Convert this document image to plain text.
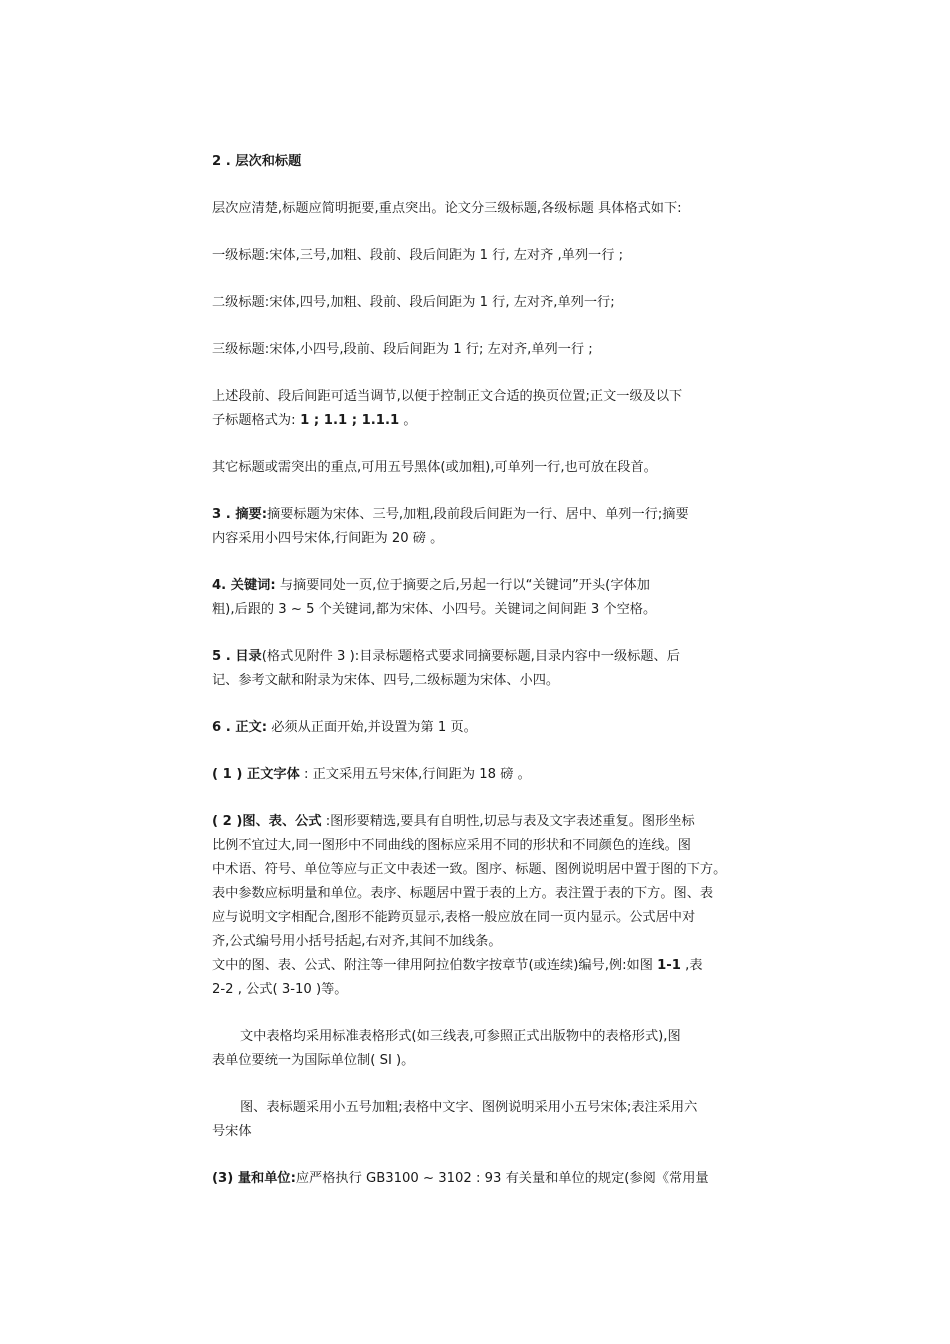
2 . 层次和标题

层次应清楚,标题应简明扼要,重点突出。论文分三级标题,各级标题 具体格式如下:

一级标题:宋体,三号,加粗、段前、段后间距为 1 行, 左对齐 ,单列一行 ;

二级标题:宋体,四号,加粗、段前、段后间距为 1 行, 左对齐,单列一行;

三级标题:宋体,小四号,段前、段后间距为 1 行; 左对齐,单列一行 ;

上述段前、段后间距可适当调节,以便于控制正文合适的换页位置;正文一级及以下

子标题格式为: 1 ; 1.1 ; 1.1.1 。

其它标题或需突出的重点,可用五号黑体(或加粗),可单列一行,也可放在段首。

3 . 摘要:摘要标题为宋体、三号,加粗,段前段后间距为一行、居中、单列一行;摘要

内容采用小四号宋体,行间距为 20 磅 。

4. 关键词: 与摘要同处一页,位于摘要之后,另起一行以“关键词”开头(字体加

粗),后跟的 3 ~ 5 个关键词,都为宋体、小四号。关键词之间间距 3 个空格。

5 . 目录(格式见附件 3 ):目录标题格式要求同摘要标题,目录内容中一级标题、后

记、参考文献和附录为宋体、四号,二级标题为宋体、小四。

6 . 正文: 必须从正面开始,并设置为第 1 页。

( 1 ) 正文字体 : 正文采用五号宋体,行间距为 18 磅 。

( 2 )图、表、公式 :图形要精选,要具有自明性,切忌与表及文字表述重复。图形坐标

比例不宜过大,同一图形中不同曲线的图标应采用不同的形状和不同颜色的连线。图

中术语、符号、单位等应与正文中表述一致。图序、标题、图例说明居中置于图的下方。

表中参数应标明量和单位。表序、标题居中置于表的上方。表注置于表的下方。图、表

应与说明文字相配合,图形不能跨页显示,表格一般应放在同一页内显示。公式居中对

齐,公式编号用小括号括起,右对齐,其间不加线条。

文中的图、表、公式、附注等一律用阿拉伯数字按章节(或连续)编号,例:如图 1-1 ,表

2-2 , 公式( 3-10 )等。

文中表格均采用标准表格形式(如三线表,可参照正式出版物中的表格形式),图

表单位要统一为国际单位制( SI )。

图、表标题采用小五号加粗;表格中文字、图例说明采用小五号宋体;表注采用六

号宋体

(3) 量和单位:应严格执行 GB3100 ~ 3102 : 93 有关量和单位的规定(参阅《常用量
